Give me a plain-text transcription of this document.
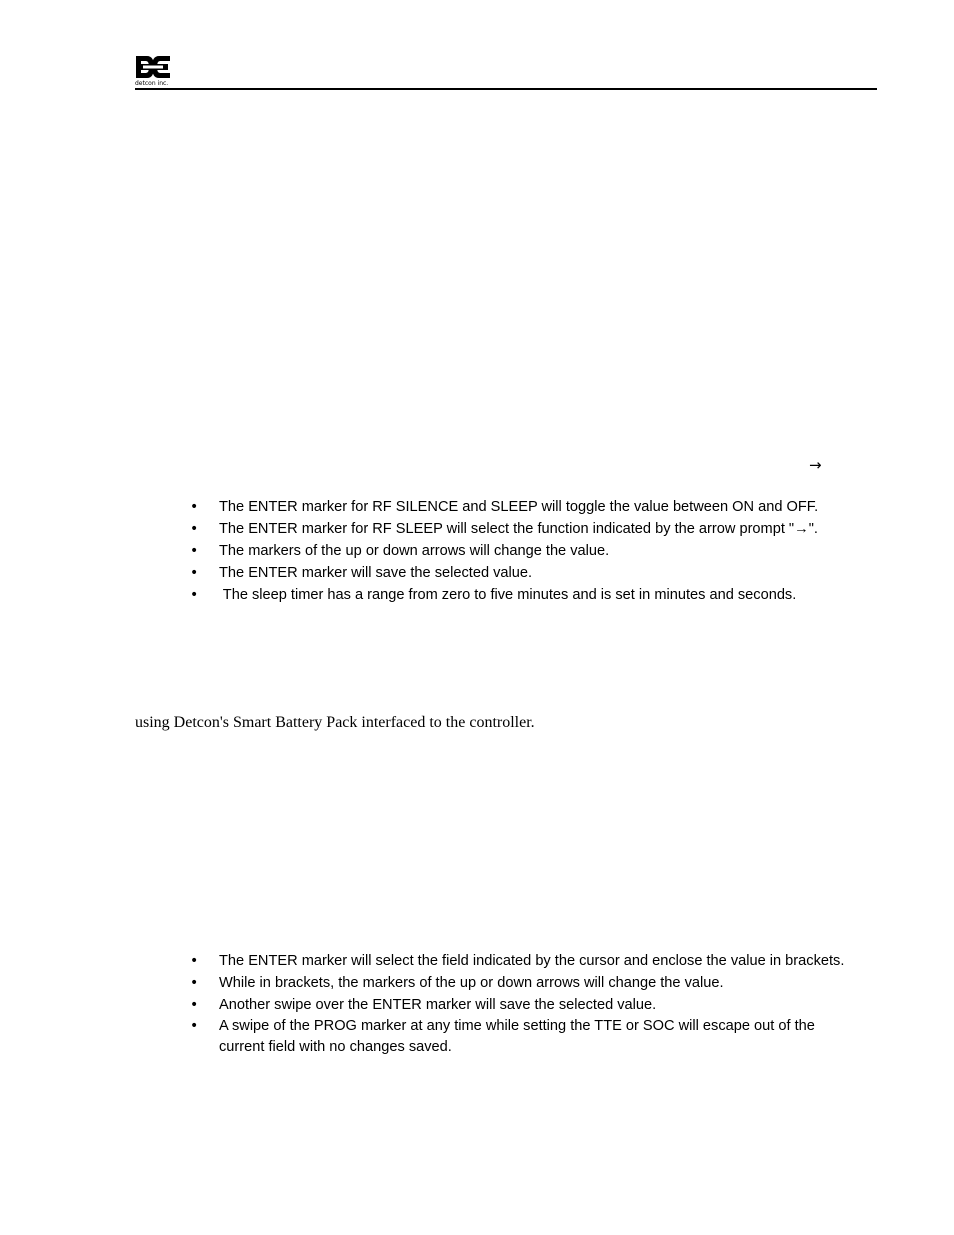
detcon inc.
→
• The ENTER marker for RF SILENCE and SLEEP will toggle the value between ON and OFF.
• The ENTER marker for RF SLEEP will select the function indicated by the arrow prompt "→".
• The markers of the up or down arrows will change the value.
• The ENTER marker will save the selected value.
•  The sleep timer has a range from zero to five minutes and is set in minutes and seconds.
using Detcon's Smart Battery Pack interfaced to the controller.
• The ENTER marker will select the field indicated by the cursor and enclose the value in brackets.
• While in brackets, the markers of the up or down arrows will change the value.
• Another swipe over the ENTER marker will save the selected value.
• A swipe of the PROG marker at any time while setting the TTE or SOC will escape out of the current field with no changes saved.
